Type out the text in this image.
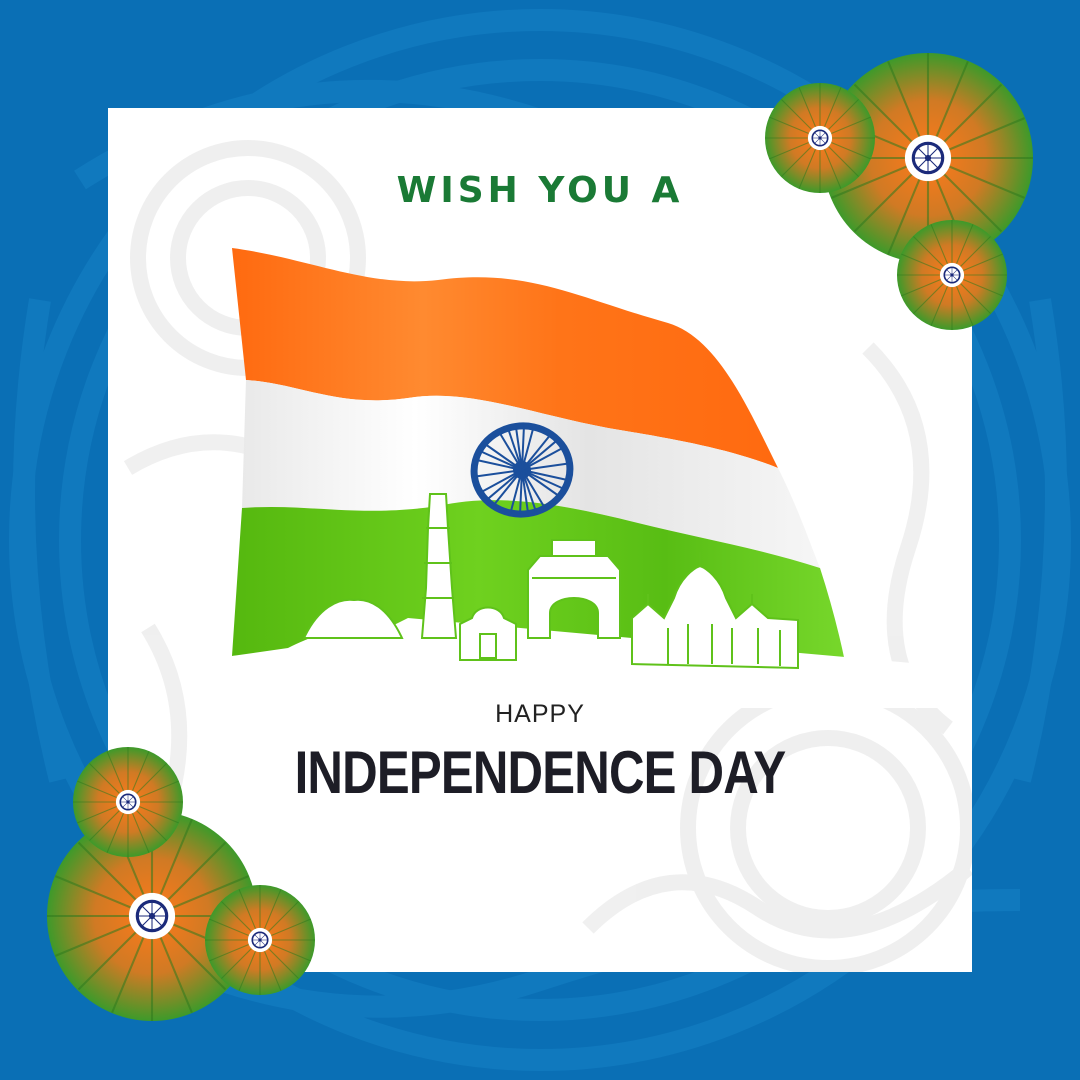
WISH YOU A
HAPPY
INDEPENDENCE DAY
